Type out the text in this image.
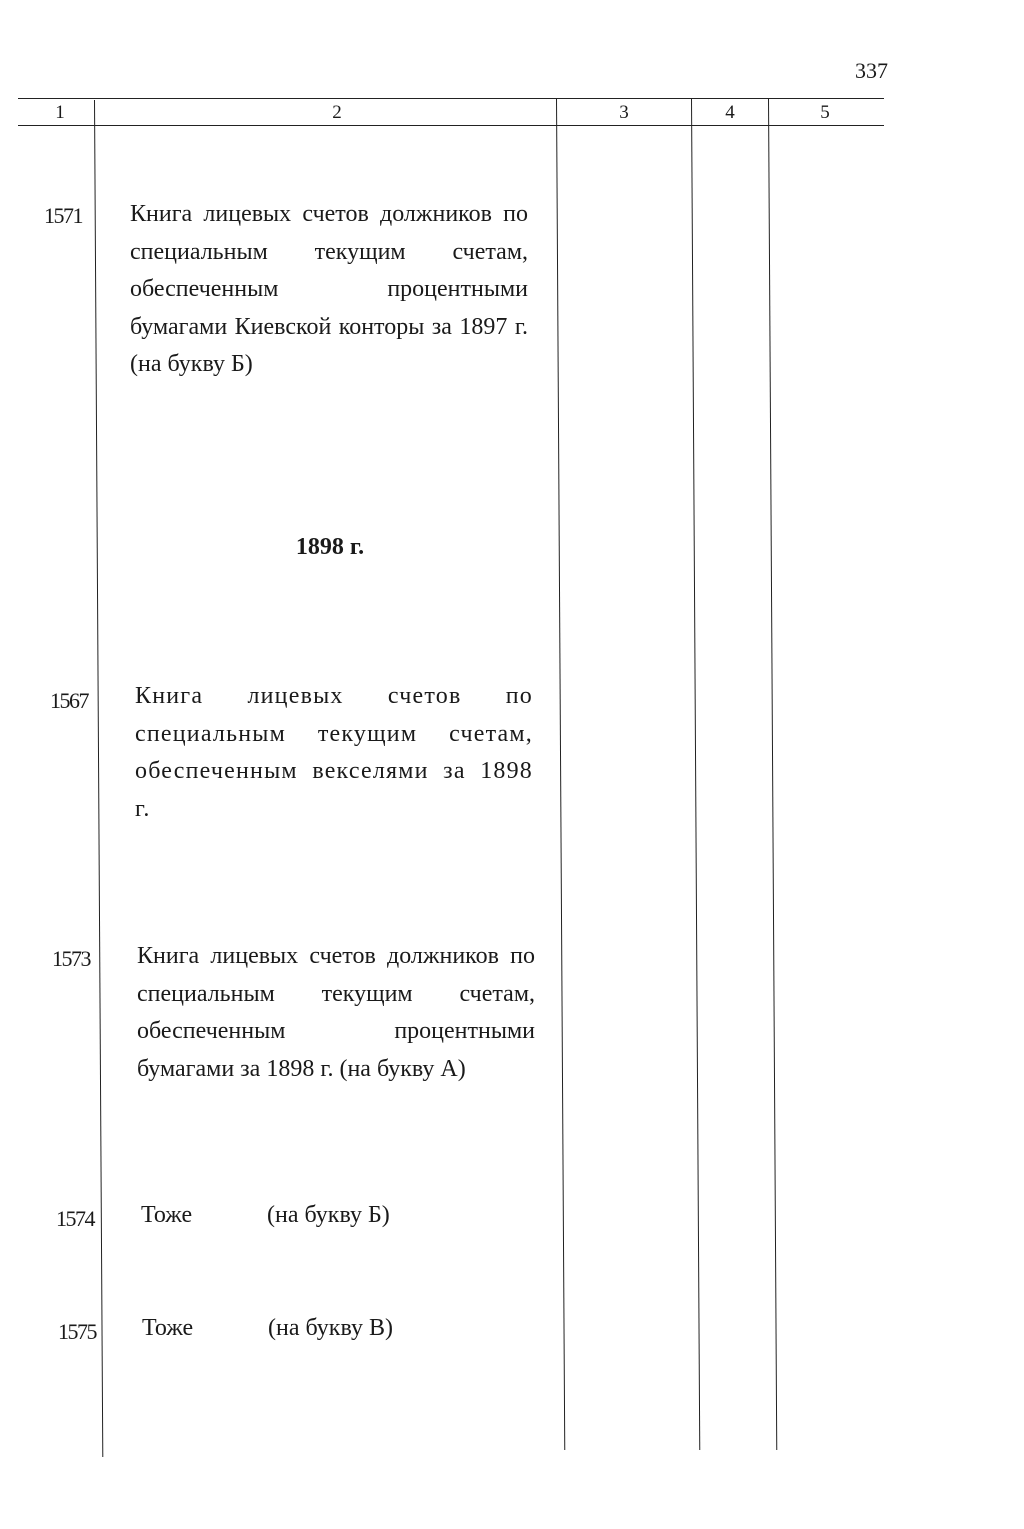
337
1	2	3	4	5
1571 Книга лицевых счетов должников по специальным текущим счетам, обеспеченным процентными бумагами Киевской конторы за 1897 г. (на букву Б)
1898 г.
1567 Книга лицевых счетов по специальным текущим счетам, обеспеченным векселями за 1898 г.
1573 Книга лицевых счетов должников по специальным текущим счетам, обеспеченным процентными бумагами за 1898 г. (на букву А)
1574 Тоже	(на букву Б)
1575 Тоже	(на букву В)
